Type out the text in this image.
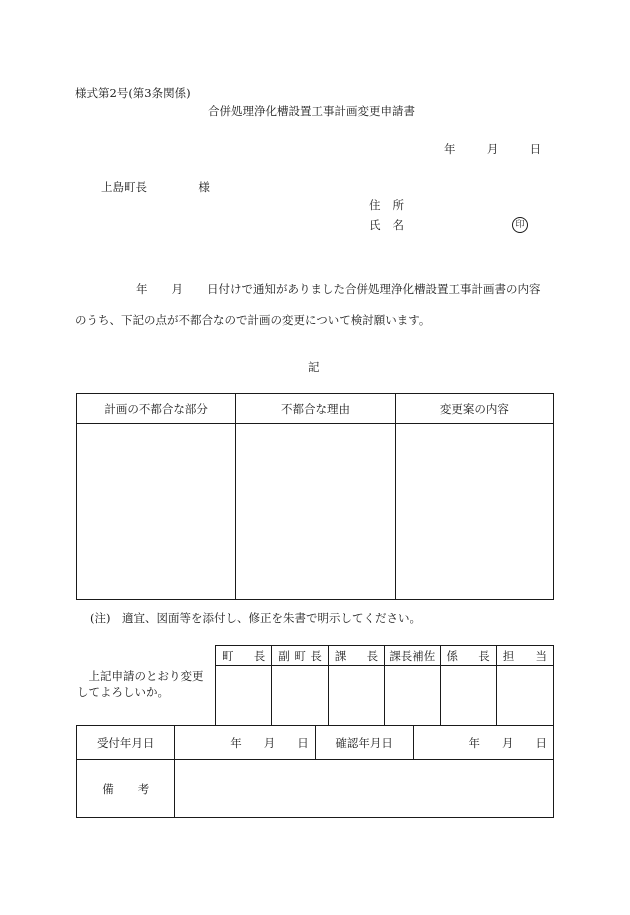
様式第2号(第3条関係)
合併処理浄化槽設置工事計画変更申請書
年	月	日
上島町長	様
住 所
氏 名	印
年 月 日付けで通知がありました合併処理浄化槽設置工事計画書の内容
のうち、下記の点が不都合なので計画の変更について検討願います。
記
計画の不都合な部分	不都合な理由	変更案の内容

(注)　適宜、図面等を添付し、修正を朱書で明示してください。
上記申請のとおり変更してよろしいか。
町 長	副 町 長	課 長	課長補佐	係 長	担 当

受付年月日	年 月 日	確認年月日	年 月 日

備 考			
